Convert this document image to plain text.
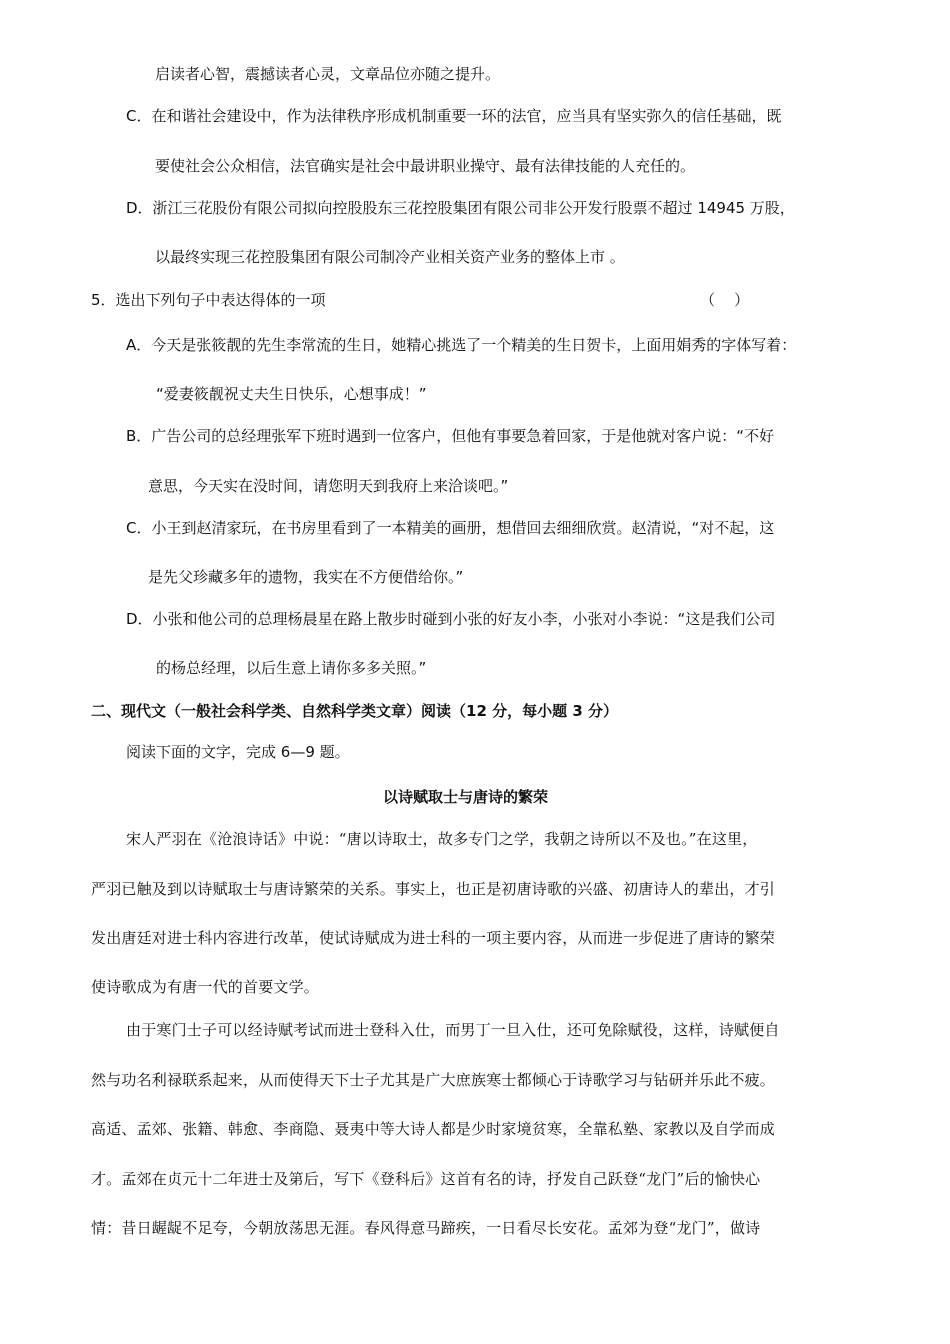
启读者心智，震撼读者心灵，文章品位亦随之提升。
C．在和谐社会建设中，作为法律秩序形成机制重要一环的法官，应当具有坚实弥久的信任基础，既
要使社会公众相信，法官确实是社会中最讲职业操守、最有法律技能的人充任的。
D．浙江三花股份有限公司拟向控股股东三花控股集团有限公司非公开发行股票不超过 14945 万股，
以最终实现三花控股集团有限公司制冷产业相关资产业务的整体上市 。
5．选出下列句子中表达得体的一项	（    ）
A．今天是张筱靓的先生李常流的生日，她精心挑选了一个精美的生日贺卡，上面用娟秀的字体写着：
“爱妻筱靓祝丈夫生日快乐，心想事成！”
B．广告公司的总经理张军下班时遇到一位客户，但他有事要急着回家，于是他就对客户说：“不好
意思，今天实在没时间，请您明天到我府上来洽谈吧。”
C．小王到赵清家玩，在书房里看到了一本精美的画册，想借回去细细欣赏。赵清说，“对不起，这
是先父珍藏多年的遗物，我实在不方便借给你。”
D．小张和他公司的总理杨晨星在路上散步时碰到小张的好友小李，小张对小李说：“这是我们公司
的杨总经理，以后生意上请你多多关照。”
二、现代文（一般社会科学类、自然科学类文章）阅读（12 分，每小题 3 分）
阅读下面的文字，完成 6—9 题。
以诗赋取士与唐诗的繁荣
宋人严羽在《沧浪诗话》中说：“唐以诗取士，故多专门之学，我朝之诗所以不及也。”在这里，
严羽已触及到以诗赋取士与唐诗繁荣的关系。事实上，也正是初唐诗歌的兴盛、初唐诗人的辈出，才引
发出唐廷对进士科内容进行改革，使试诗赋成为进士科的一项主要内容，从而进一步促进了唐诗的繁荣
使诗歌成为有唐一代的首要文学。
由于寒门士子可以经诗赋考试而进士登科入仕，而男丁一旦入仕，还可免除赋役，这样，诗赋便自
然与功名利禄联系起来，从而使得天下士子尤其是广大庶族寒士都倾心于诗歌学习与钻研并乐此不疲。
高适、孟郊、张籍、韩愈、李商隐、聂夷中等大诗人都是少时家境贫寒，全靠私塾、家教以及自学而成
才。孟郊在贞元十二年进士及第后，写下《登科后》这首有名的诗，抒发自己跃登“龙门”后的愉快心
情：昔日龌龊不足夸，今朝放荡思无涯。春风得意马蹄疾，一日看尽长安花。孟郊为登“龙门”，做诗
